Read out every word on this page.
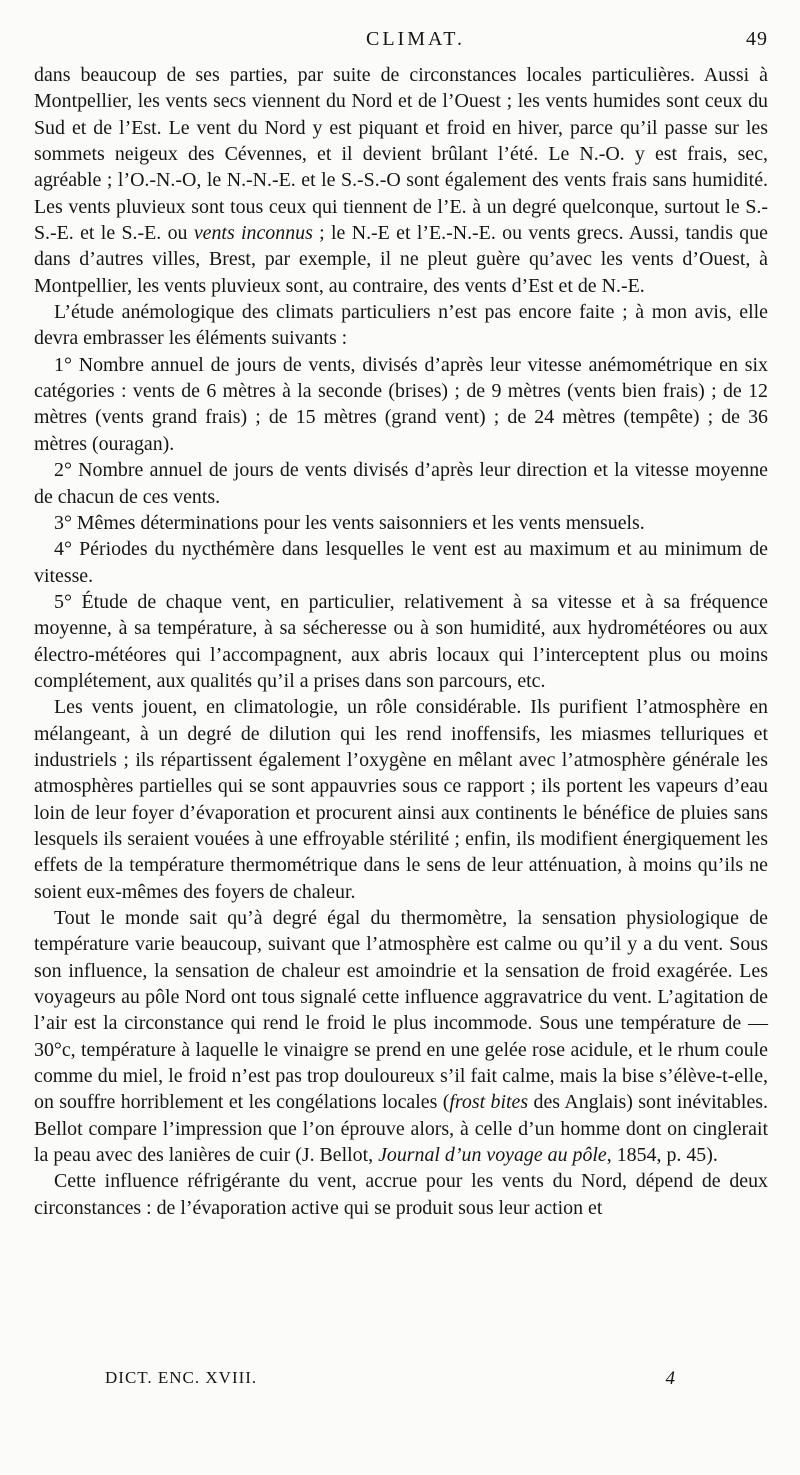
CLIMAT.	49

dans beaucoup de ses parties, par suite de circonstances locales particulières. Aussi à Montpellier, les vents secs viennent du Nord et de l’Ouest ; les vents humides sont ceux du Sud et de l’Est. Le vent du Nord y est piquant et froid en hiver, parce qu’il passe sur les sommets neigeux des Cévennes, et il devient brûlant l’été. Le N.-O. y est frais, sec, agréable ; l’O.-N.-O, le N.-N.-E. et le S.-S.-O sont également des vents frais sans humidité. Les vents pluvieux sont tous ceux qui tiennent de l’E. à un degré quelconque, surtout le S.-S.-E. et le S.-E. ou vents inconnus ; le N.-E et l’E.-N.-E. ou vents grecs. Aussi, tandis que dans d’autres villes, Brest, par exemple, il ne pleut guère qu’avec les vents d’Ouest, à Montpellier, les vents pluvieux sont, au contraire, des vents d’Est et de N.-E.

L’étude anémologique des climats particuliers n’est pas encore faite ; à mon avis, elle devra embrasser les éléments suivants :

1° Nombre annuel de jours de vents, divisés d’après leur vitesse anémométrique en six catégories : vents de 6 mètres à la seconde (brises) ; de 9 mètres (vents bien frais) ; de 12 mètres (vents grand frais) ; de 15 mètres (grand vent) ; de 24 mètres (tempête) ; de 36 mètres (ouragan).

2° Nombre annuel de jours de vents divisés d’après leur direction et la vitesse moyenne de chacun de ces vents.

3° Mêmes déterminations pour les vents saisonniers et les vents mensuels.

4° Périodes du nycthémère dans lesquelles le vent est au maximum et au minimum de vitesse.

5° Étude de chaque vent, en particulier, relativement à sa vitesse et à sa fréquence moyenne, à sa température, à sa sécheresse ou à son humidité, aux hydrométéores ou aux électro-météores qui l’accompagnent, aux abris locaux qui l’interceptent plus ou moins complétement, aux qualités qu’il a prises dans son parcours, etc.

Les vents jouent, en climatologie, un rôle considérable. Ils purifient l’atmosphère en mélangeant, à un degré de dilution qui les rend inoffensifs, les miasmes telluriques et industriels ; ils répartissent également l’oxygène en mêlant avec l’atmosphère générale les atmosphères partielles qui se sont appauvries sous ce rapport ; ils portent les vapeurs d’eau loin de leur foyer d’évaporation et procurent ainsi aux continents le bénéfice de pluies sans lesquels ils seraient vouées à une effroyable stérilité ; enfin, ils modifient énergiquement les effets de la température thermométrique dans le sens de leur atténuation, à moins qu’ils ne soient eux-mêmes des foyers de chaleur.

Tout le monde sait qu’à degré égal du thermomètre, la sensation physiologique de température varie beaucoup, suivant que l’atmosphère est calme ou qu’il y a du vent. Sous son influence, la sensation de chaleur est amoindrie et la sensation de froid exagérée. Les voyageurs au pôle Nord ont tous signalé cette influence aggravatrice du vent. L’agitation de l’air est la circonstance qui rend le froid le plus incommode. Sous une température de — 30°c, température à laquelle le vinaigre se prend en une gelée rose acidule, et le rhum coule comme du miel, le froid n’est pas trop douloureux s’il fait calme, mais la bise s’élève-t-elle, on souffre horriblement et les congélations locales (frost bites des Anglais) sont inévitables. Bellot compare l’impression que l’on éprouve alors, à celle d’un homme dont on cinglerait la peau avec des lanières de cuir (J. Bellot, Journal d’un voyage au pôle, 1854, p. 45).

Cette influence réfrigérante du vent, accrue pour les vents du Nord, dépend de deux circonstances : de l’évaporation active qui se produit sous leur action et

DICT. ENC. XVIII.	4
